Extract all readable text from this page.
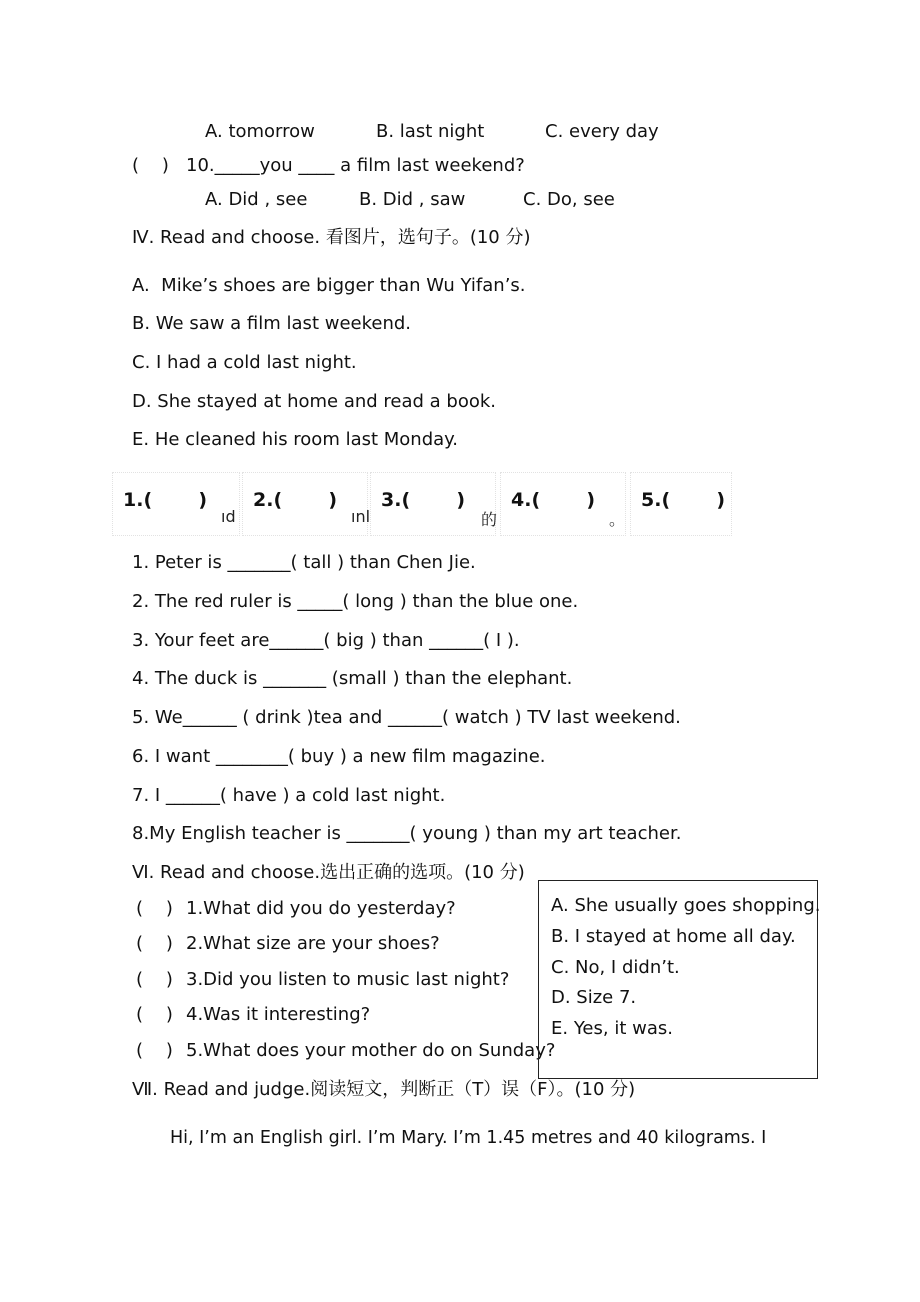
A. tomorrow	B. last night	C. every day
(    ) 10._____you ____ a film last weekend?
A. Did , see	B. Did , saw	C. Do, see
Ⅳ. Read and choose. 看图片，选句子。(10 分)
A.  Mike’s shoes are bigger than Wu Yifan’s.
B. We saw a film last weekend.
C. I had a cold last night.
D. She stayed at home and read a book.
E. He cleaned his room last Monday.
1.(       )
ıd
2.(       )
ınl
3.(       )
的
4.(       )
。
5.(       )
1. Peter is _______( tall ) than Chen Jie.
2. The red ruler is _____( long ) than the blue one.
3. Your feet are______( big ) than ______( I ).
4. The duck is _______ (small ) than the elephant.
5. We______ ( drink )tea and ______( watch ) TV last weekend.
6. I want ________( buy ) a new film magazine.
7. I ______( have ) a cold last night.
8.My English teacher is _______( young ) than my art teacher.
Ⅵ. Read and choose.选出正确的选项。(10 分)
(    ) 1.What did you do yesterday?
(    ) 2.What size are your shoes?
(    ) 3.Did you listen to music last night?
(    ) 4.Was it interesting?
(    ) 5.What does your mother do on Sunday?
A. She usually goes shopping.
B. I stayed at home all day.
C. No, I didn’t.
D. Size 7.
E. Yes, it was.
Ⅶ. Read and judge.阅读短文，判断正（T）误（F）。(10 分)
Hi, I’m an English girl. I’m Mary. I’m 1.45 metres and 40 kilograms. I
